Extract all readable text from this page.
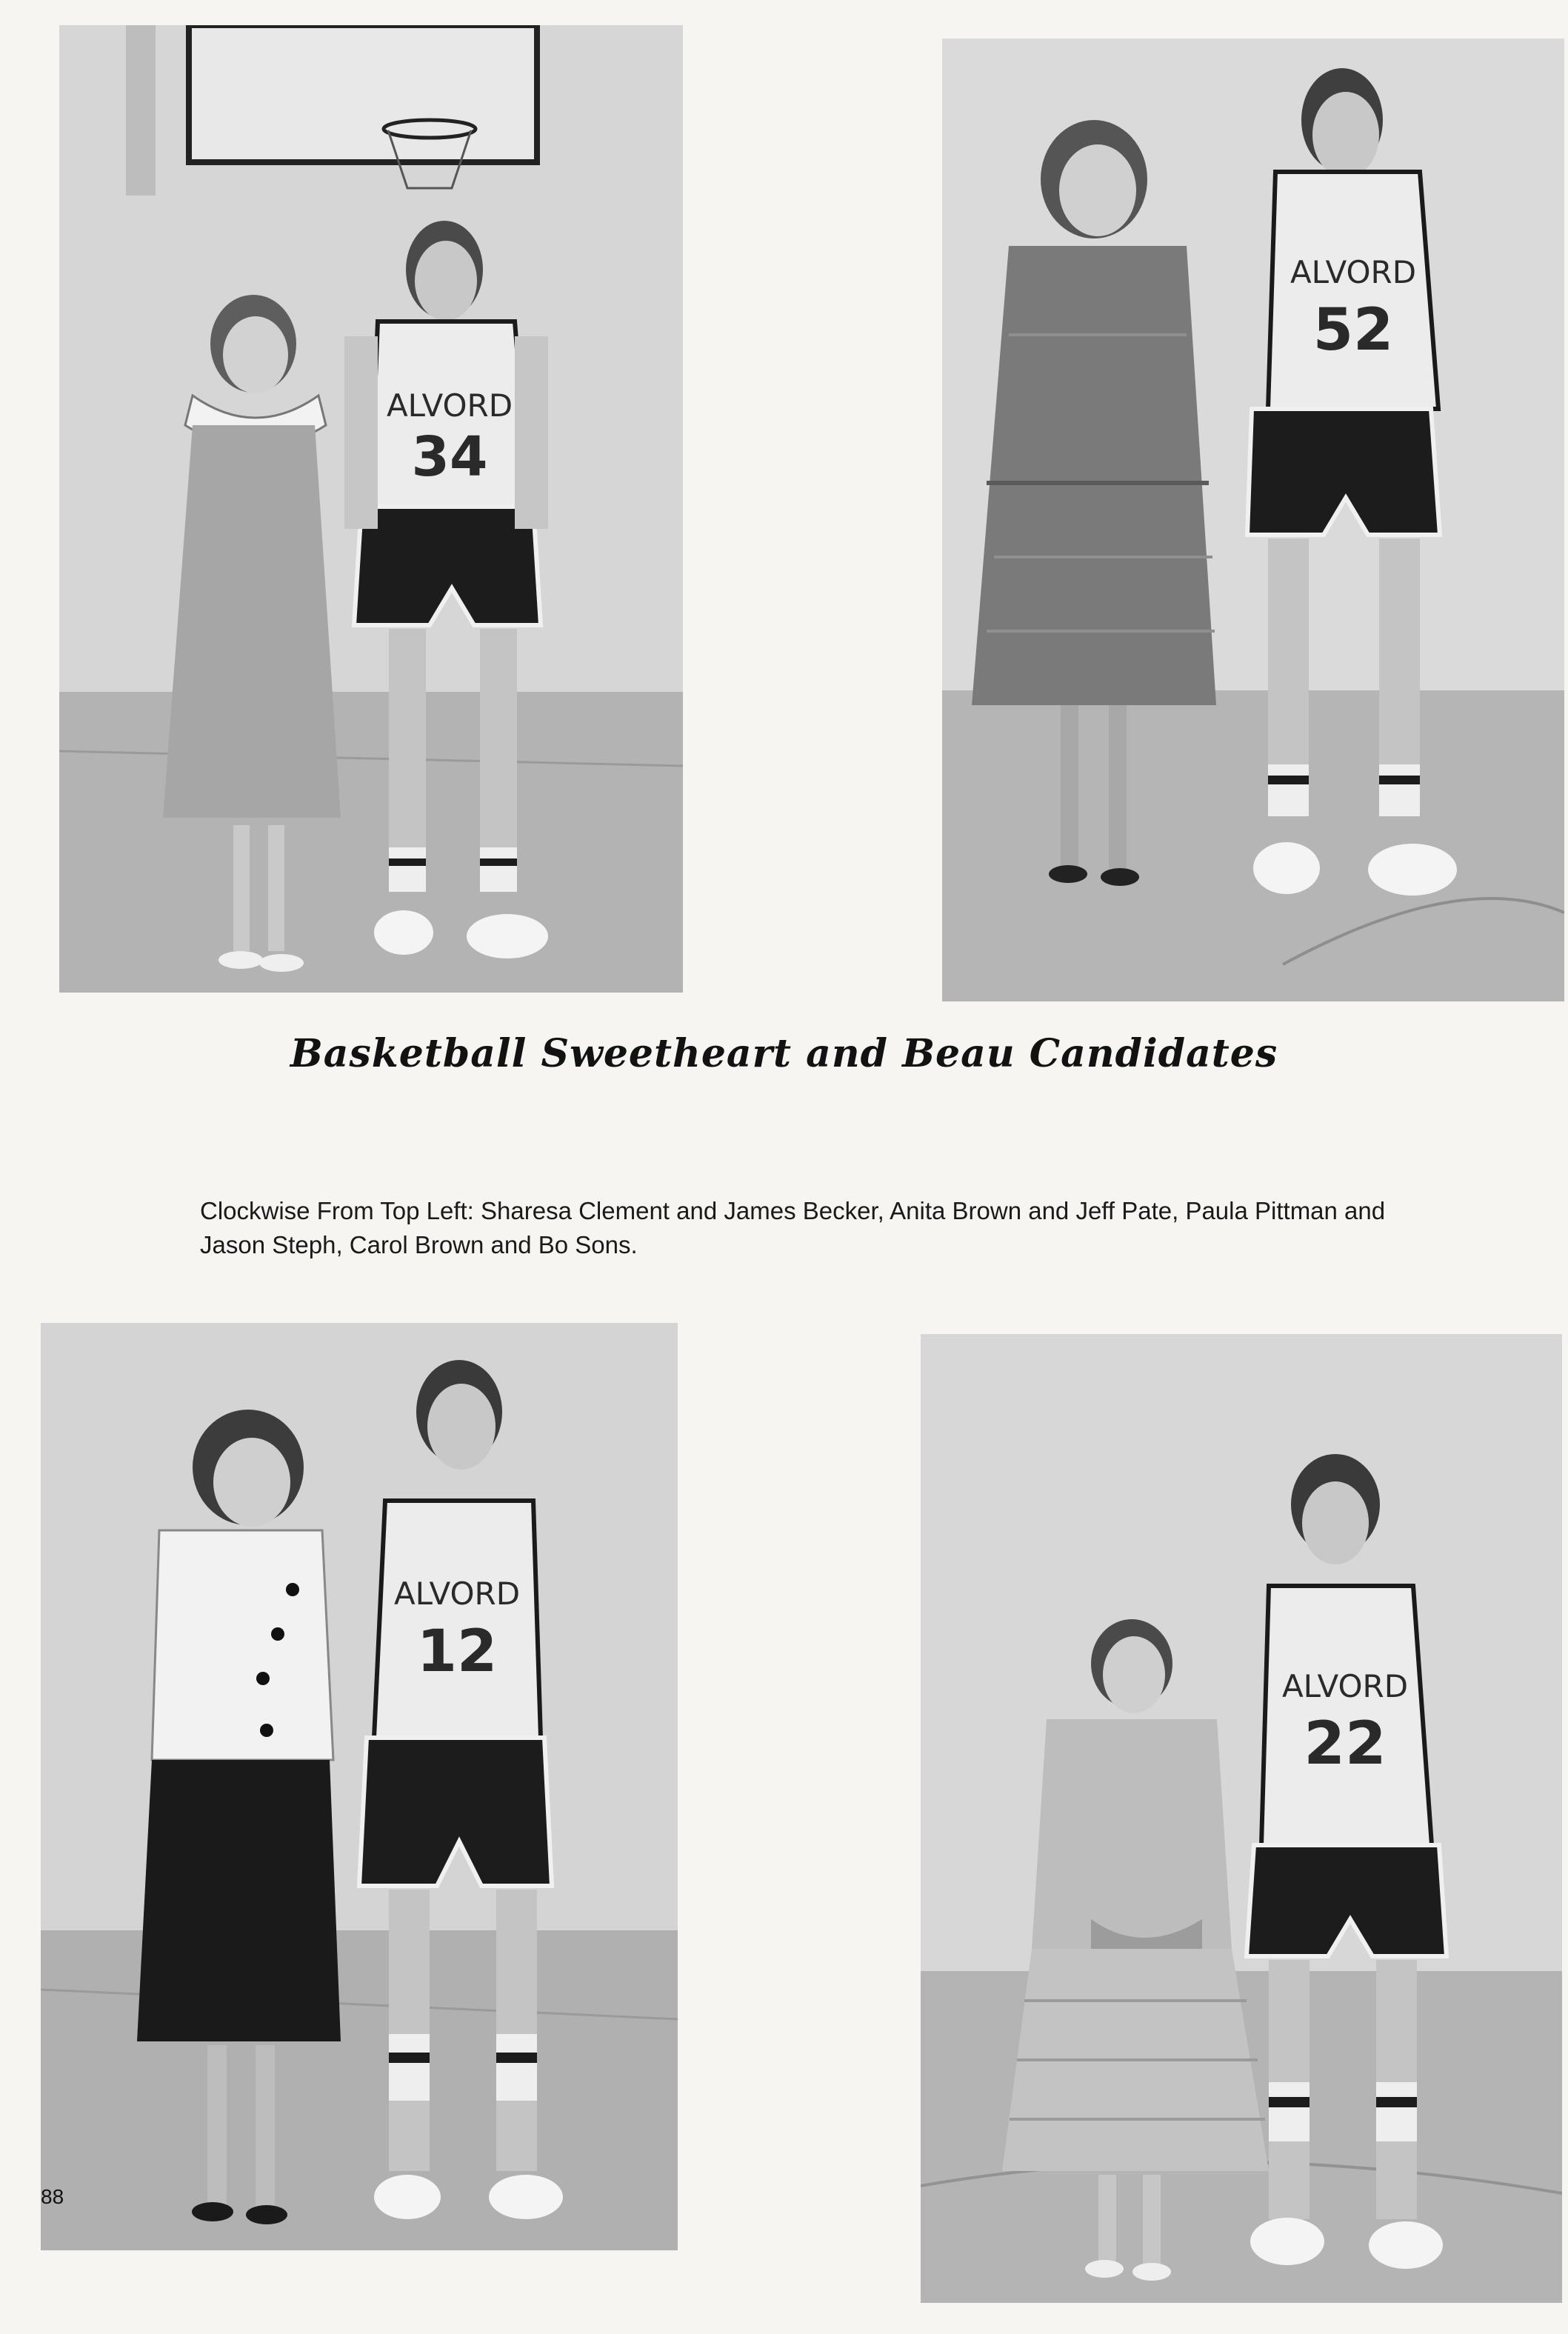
ALVORD
34
ALVORD
52
Basketball Sweetheart and Beau Candidates
Clockwise From Top Left: Sharesa Clement and James Becker, Anita Brown and Jeff Pate, Paula Pittman and Jason Steph, Carol Brown and Bo Sons.
ALVORD
12
ALVORD
22
88
